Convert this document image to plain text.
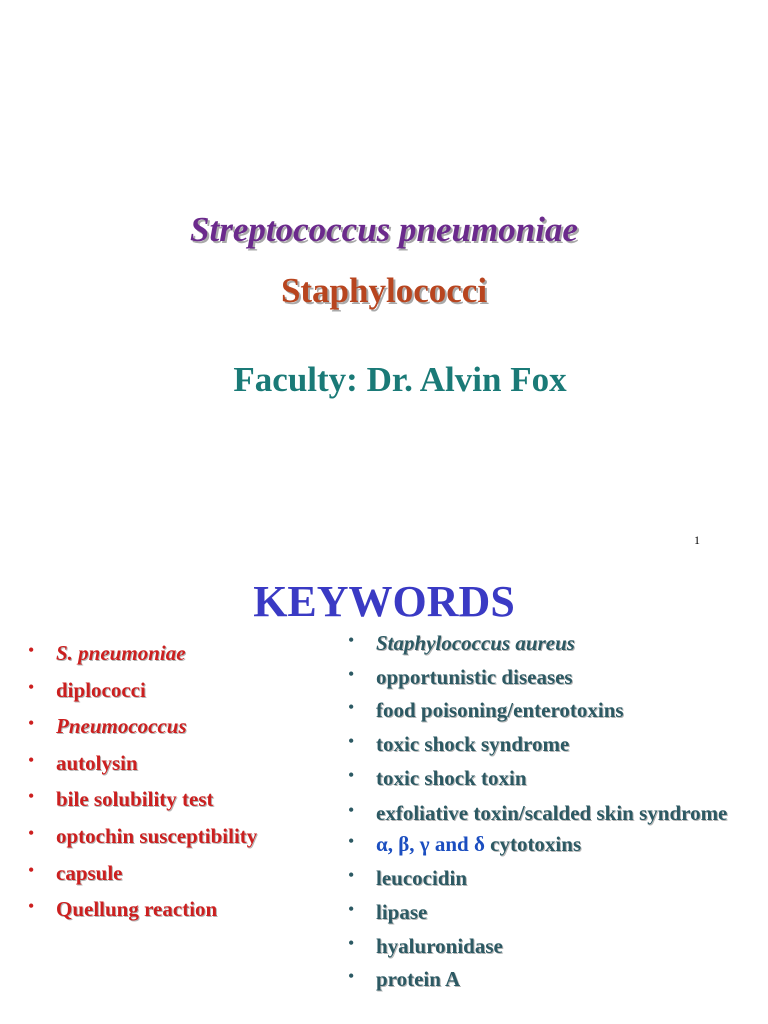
Streptococcus pneumoniae
Staphylococci
Faculty: Dr. Alvin Fox
1
KEYWORDS
• S. pneumoniae
• diplococci
• Pneumococcus
• autolysin
• bile solubility test
• optochin susceptibility
• capsule
• Quellung reaction
• Staphylococcus aureus
• opportunistic diseases
• food poisoning/enterotoxins
• toxic shock syndrome
• toxic shock toxin
• exfoliative toxin/scalded skin syndrome
• α, β, γ and δ cytotoxins
• leucocidin
• lipase
• hyaluronidase
• protein A
